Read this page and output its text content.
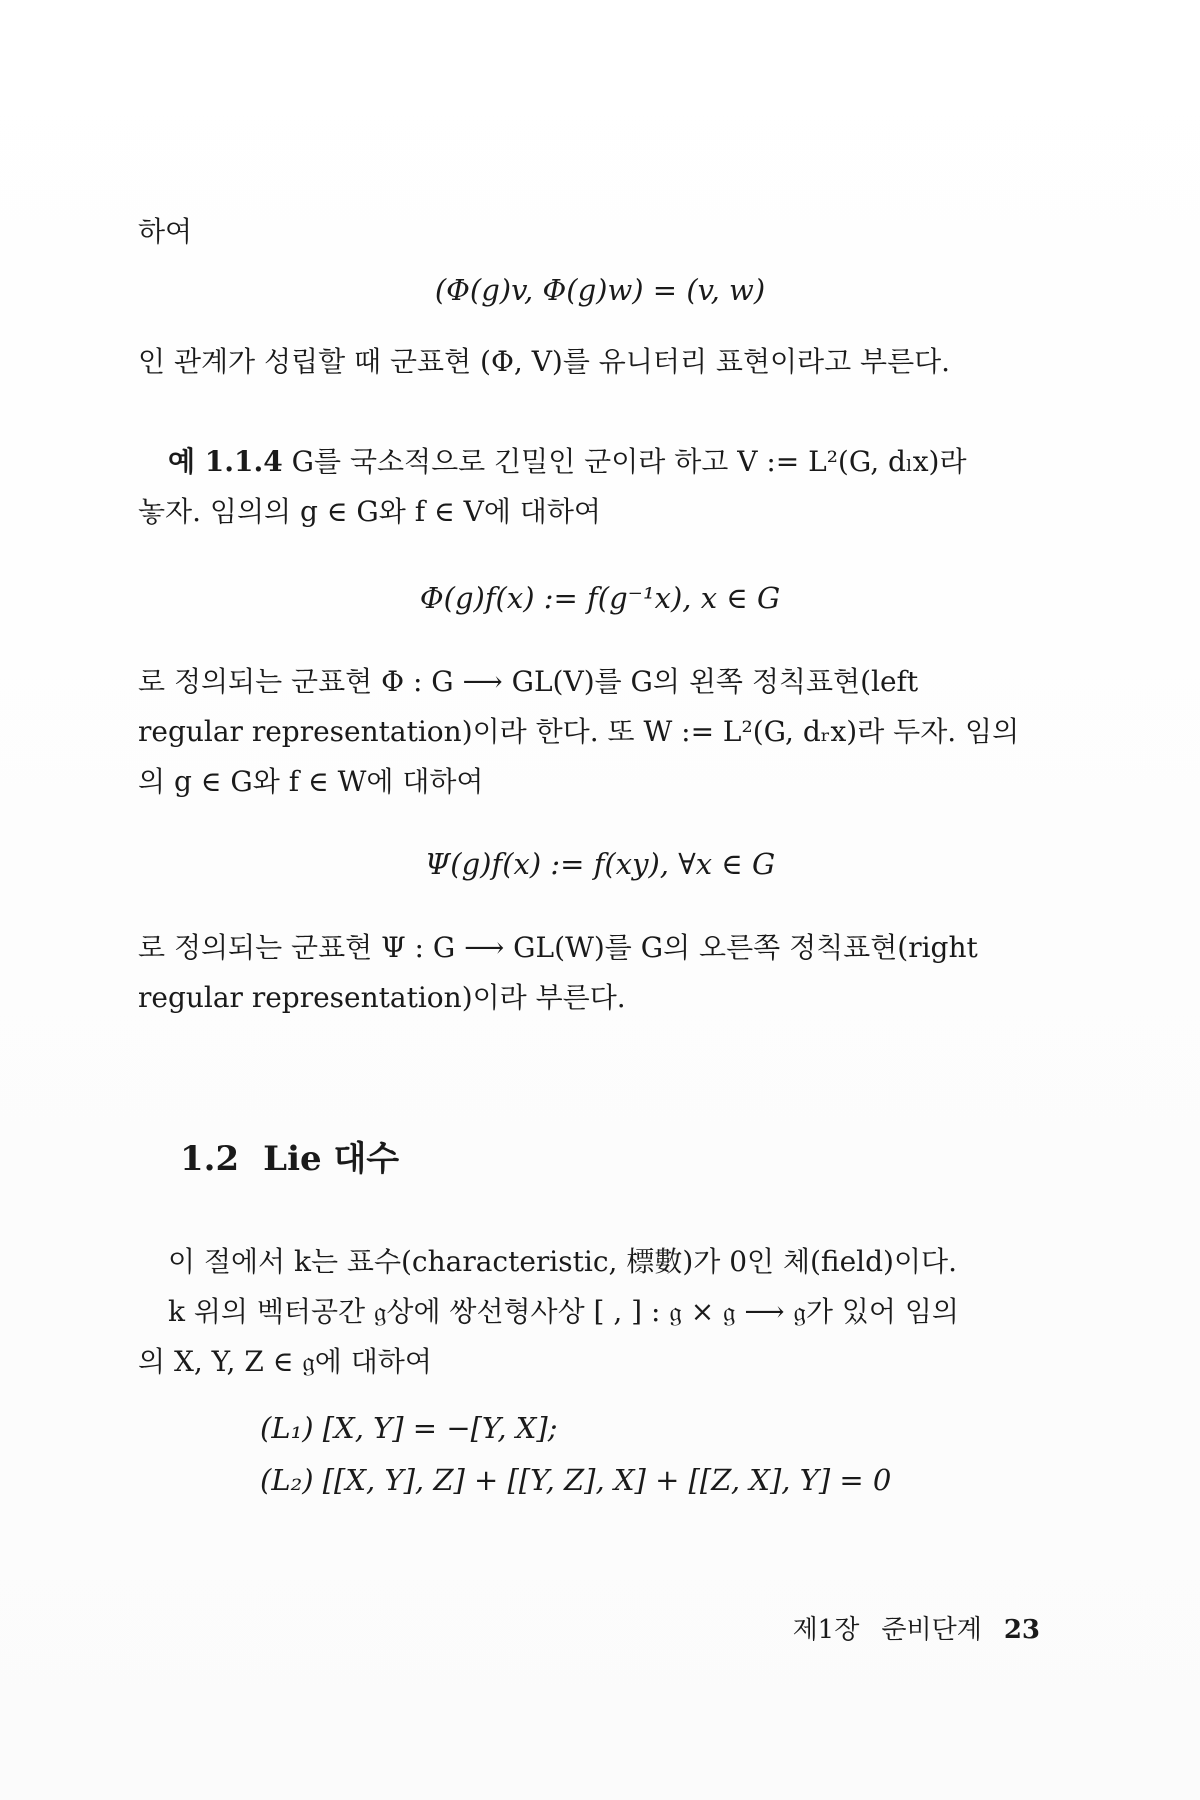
하여
(Φ(g)v, Φ(g)w) = (v, w)
인 관계가 성립할 때 군표현 (Φ, V)를 유니터리 표현이라고 부른다.
예 1.1.4 G를 국소적으로 긴밀인 군이라 하고 V := L²(G, dₗx)라
놓자. 임의의 g ∈ G와 f ∈ V에 대하여
Φ(g)f(x) := f(g⁻¹x), x ∈ G
로 정의되는 군표현 Φ : G ⟶ GL(V)를 G의 왼쪽 정칙표현(left
regular representation)이라 한다. 또 W := L²(G, dᵣx)라 두자. 임의
의 g ∈ G와 f ∈ W에 대하여
Ψ(g)f(x) := f(xy), ∀x ∈ G
로 정의되는 군표현 Ψ : G ⟶ GL(W)를 G의 오른쪽 정칙표현(right
regular representation)이라 부른다.
1.2 Lie 대수
이 절에서 k는 표수(characteristic, 標數)가 0인 체(field)이다.
k 위의 벡터공간 𝔤상에 쌍선형사상 [ , ] : 𝔤 × 𝔤 ⟶ 𝔤가 있어 임의
의 X, Y, Z ∈ 𝔤에 대하여
(L₁) [X, Y] = −[Y, X];
(L₂) [[X, Y], Z] + [[Y, Z], X] + [[Z, X], Y] = 0
제1장 준비단계 23
